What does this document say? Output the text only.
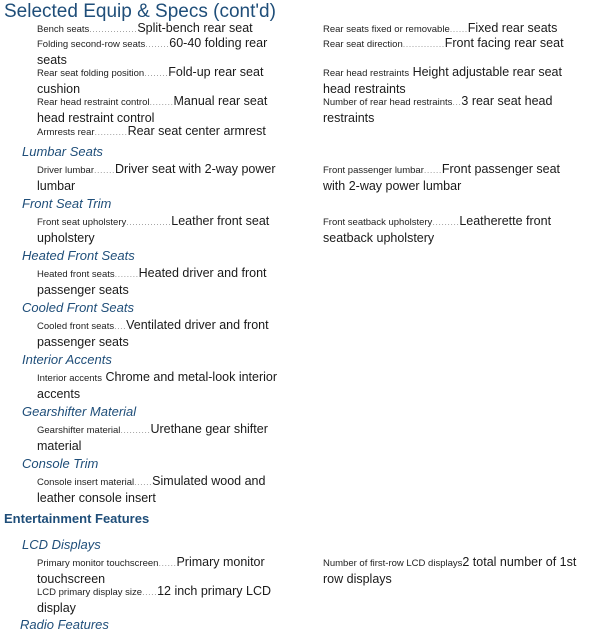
Selected Equip & Specs (cont'd)
Bench seats................Split-bench rear seat
Folding second-row seats........60-40 folding rear seats
Rear seat folding position........Fold-up rear seat cushion
Rear head restraint control........Manual rear seat head restraint control
Armrests rear...........Rear seat center armrest
Rear seats fixed or removable......Fixed rear seats
Rear seat direction..............Front facing rear seat
Rear head restraints Height adjustable rear seat head restraints
Number of rear head restraints...3 rear seat head restraints
Lumbar Seats
Driver lumbar.......Driver seat with 2-way power lumbar
Front passenger lumbar......Front passenger seat with 2-way power lumbar
Front Seat Trim
Front seat upholstery...............Leather front seat upholstery
Front seatback upholstery.........Leatherette front seatback upholstery
Heated Front Seats
Heated front seats........Heated driver and front passenger seats
Cooled Front Seats
Cooled front seats....Ventilated driver and front passenger seats
Interior Accents
Interior accents Chrome and metal-look interior accents
Gearshifter Material
Gearshifter material..........Urethane gear shifter material
Console Trim
Console insert material......Simulated wood and leather console insert
Entertainment Features
LCD Displays
Primary monitor touchscreen......Primary monitor touchscreen
Number of first-row LCD displays2 total number of 1st row displays
LCD primary display size.....12 inch primary LCD display
Radio Features
